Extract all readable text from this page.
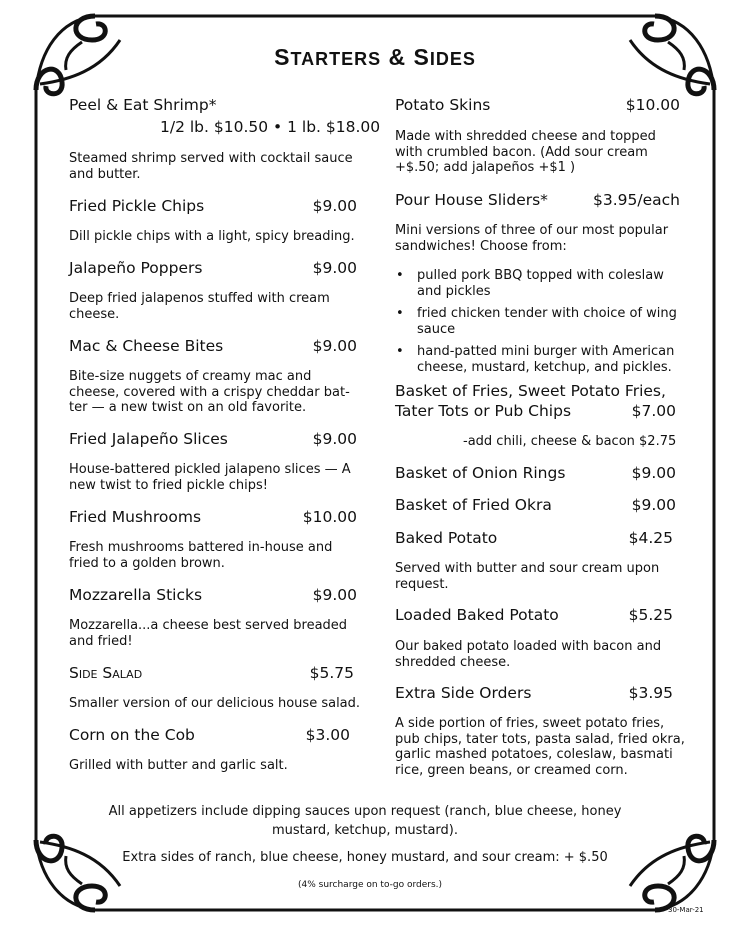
STARTERS & SIDES
Peel & Eat Shrimp*
1/2 lb. $10.50 • 1 lb. $18.00
Steamed shrimp served with cocktail sauce and butter.
Fried Pickle Chips	$9.00
Dill pickle chips with a light, spicy breading.
Jalapeño Poppers	$9.00
Deep fried jalapenos stuffed with cream cheese.
Mac & Cheese Bites	$9.00
Bite-size nuggets of creamy mac and cheese, covered with a crispy cheddar bat-ter — a new twist on an old favorite.
Fried Jalapeño Slices	$9.00
House-battered pickled jalapeno slices — A new twist to fried pickle chips!
Fried Mushrooms	$10.00
Fresh mushrooms battered in-house and fried to a golden brown.
Mozzarella Sticks	$9.00
Mozzarella...a cheese best served breaded and fried!
Side Salad	$5.75
Smaller version of our delicious house salad.
Corn on the Cob	$3.00
Grilled with butter and garlic salt.
Potato Skins	$10.00
Made with shredded cheese and topped with crumbled bacon. (Add sour cream +$.50; add jalapeños +$1 )
Pour House Sliders*	$3.95/each
Mini versions of three of our most popular sandwiches! Choose from:
• pulled pork BBQ topped with coleslaw and pickles
• fried chicken tender with choice of wing sauce
• hand-patted mini burger with American cheese, mustard, ketchup, and pickles.
Basket of Fries, Sweet Potato Fries,
Tater Tots or Pub Chips	$7.00
-add chili, cheese & bacon $2.75
Basket of Onion Rings	$9.00
Basket of Fried Okra	$9.00
Baked Potato	$4.25
Served with butter and sour cream upon request.
Loaded Baked Potato	$5.25
Our baked potato loaded with bacon and shredded cheese.
Extra Side Orders	$3.95
A side portion of fries, sweet potato fries, pub chips, tater tots, pasta salad, fried okra, garlic mashed potatoes, coleslaw, basmati rice, green beans, or creamed corn.
All appetizers include dipping sauces upon request (ranch, blue cheese, honey mustard, ketchup, mustard).
Extra sides of ranch, blue cheese, honey mustard, and sour cream: + $.50
(4% surcharge on to-go orders.)
30-Mar-21
